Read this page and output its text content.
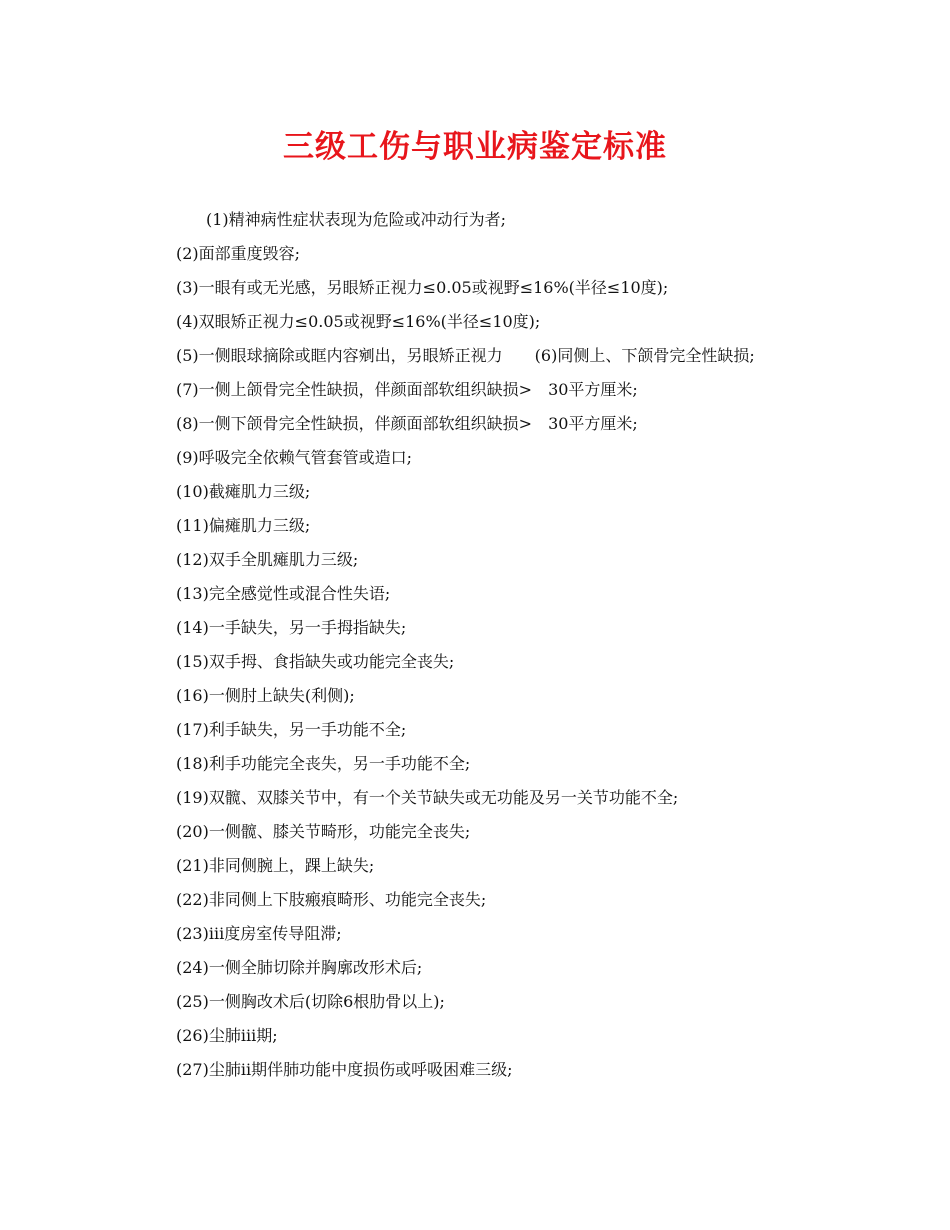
三级工伤与职业病鉴定标准

(1)精神病性症状表现为危险或冲动行为者;

(2)面部重度毁容;

(3)一眼有或无光感，另眼矫正视力≤0.05或视野≤16%(半径≤10度);

(4)双眼矫正视力≤0.05或视野≤16%(半径≤10度);

(5)一侧眼球摘除或眶内容剜出，另眼矫正视力　　(6)同侧上、下颌骨完全性缺损;

(7)一侧上颌骨完全性缺损，伴颜面部软组织缺损>　30平方厘米;

(8)一侧下颌骨完全性缺损，伴颜面部软组织缺损>　30平方厘米;

(9)呼吸完全依赖气管套管或造口;

(10)截瘫肌力三级;

(11)偏瘫肌力三级;

(12)双手全肌瘫肌力三级;

(13)完全感觉性或混合性失语;

(14)一手缺失，另一手拇指缺失;

(15)双手拇、食指缺失或功能完全丧失;

(16)一侧肘上缺失(利侧);

(17)利手缺失，另一手功能不全;

(18)利手功能完全丧失，另一手功能不全;

(19)双髋、双膝关节中，有一个关节缺失或无功能及另一关节功能不全;

(20)一侧髋、膝关节畸形，功能完全丧失;

(21)非同侧腕上，踝上缺失;

(22)非同侧上下肢瘢痕畸形、功能完全丧失;

(23)iii度房室传导阻滞;

(24)一侧全肺切除并胸廓改形术后;

(25)一侧胸改术后(切除6根肋骨以上);

(26)尘肺iii期;

(27)尘肺ii期伴肺功能中度损伤或呼吸困难三级;
